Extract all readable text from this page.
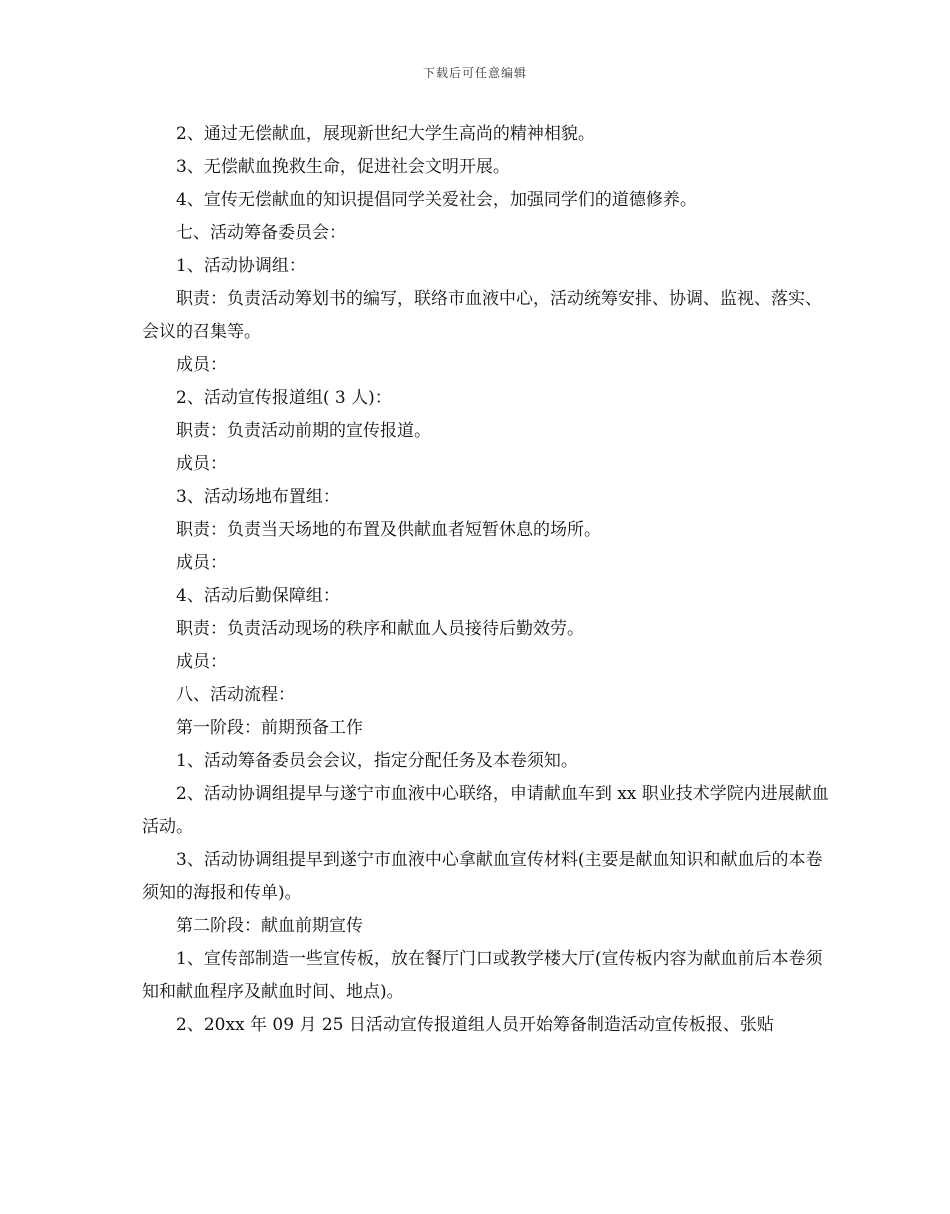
下载后可任意编辑

2、通过无偿献血，展现新世纪大学生高尚的精神相貌。

3、无偿献血挽救生命，促进社会文明开展。

4、宣传无偿献血的知识提倡同学关爱社会，加强同学们的道德修养。

七、活动筹备委员会：

1、活动协调组：

职责：负责活动筹划书的编写，联络市血液中心，活动统筹安排、协调、监视、落实、会议的召集等。

成员：

2、活动宣传报道组( 3 人)：

职责：负责活动前期的宣传报道。

成员：

3、活动场地布置组：

职责：负责当天场地的布置及供献血者短暂休息的场所。

成员：

4、活动后勤保障组：

职责：负责活动现场的秩序和献血人员接待后勤效劳。

成员：

八、活动流程：

第一阶段：前期预备工作

1、活动筹备委员会会议，指定分配任务及本卷须知。

2、活动协调组提早与遂宁市血液中心联络，申请献血车到 xx 职业技术学院内进展献血活动。

3、活动协调组提早到遂宁市血液中心拿献血宣传材料(主要是献血知识和献血后的本卷须知的海报和传单)。

第二阶段：献血前期宣传

1、宣传部制造一些宣传板，放在餐厅门口或教学楼大厅(宣传板内容为献血前后本卷须知和献血程序及献血时间、地点)。

2、20xx 年 09 月 25 日活动宣传报道组人员开始筹备制造活动宣传板报、张贴
